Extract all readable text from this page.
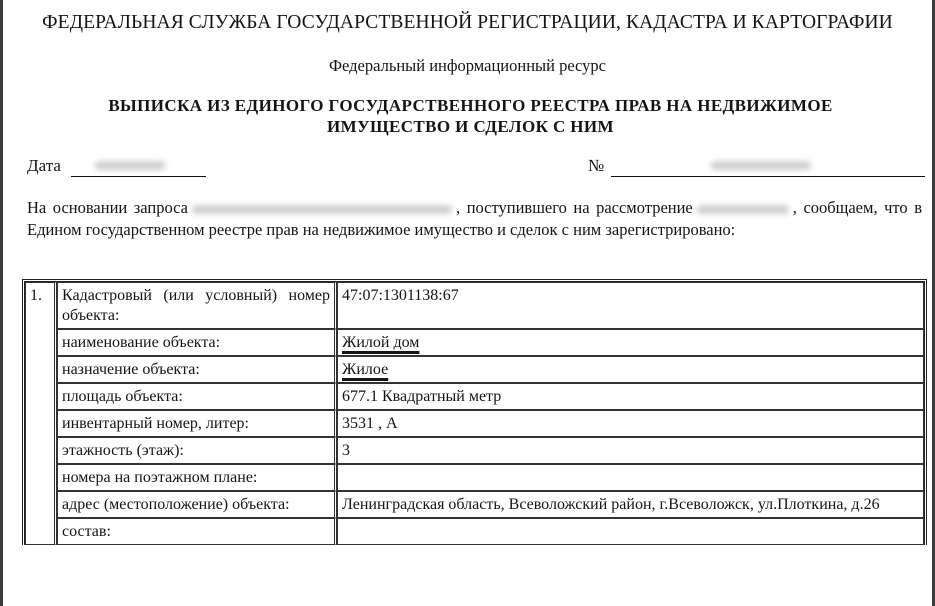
ФЕДЕРАЛЬНАЯ СЛУЖБА ГОСУДАРСТВЕННОЙ РЕГИСТРАЦИИ, КАДАСТРА И КАРТОГРАФИИ
Федеральный информационный ресурс
ВЫПИСКА ИЗ ЕДИНОГО ГОСУДАРСТВЕННОГО РЕЕСТРА ПРАВ НА НЕДВИЖИМОЕ
ИМУЩЕСТВО И СДЕЛОК С НИМ
Дата	№
На основании запроса	, поступившего на рассмотрение	, сообщаем, что в Едином государственном реестре прав на недвижимое имущество и сделок с ним зарегистрировано:
1.	Кадастровый (или условный) номер объекта:	47:07:1301138:67
	наименование объекта:	Жилой дом
	назначение объекта:	Жилое
	площадь объекта:	677.1 Квадратный метр
	инвентарный номер, литер:	3531 , А
	этажность (этаж):	3
	номера на поэтажном плане:	
	адрес (местоположение) объекта:	Ленинградская область, Всеволожский район, г.Всеволожск, ул.Плоткина, д.26
	состав:	
